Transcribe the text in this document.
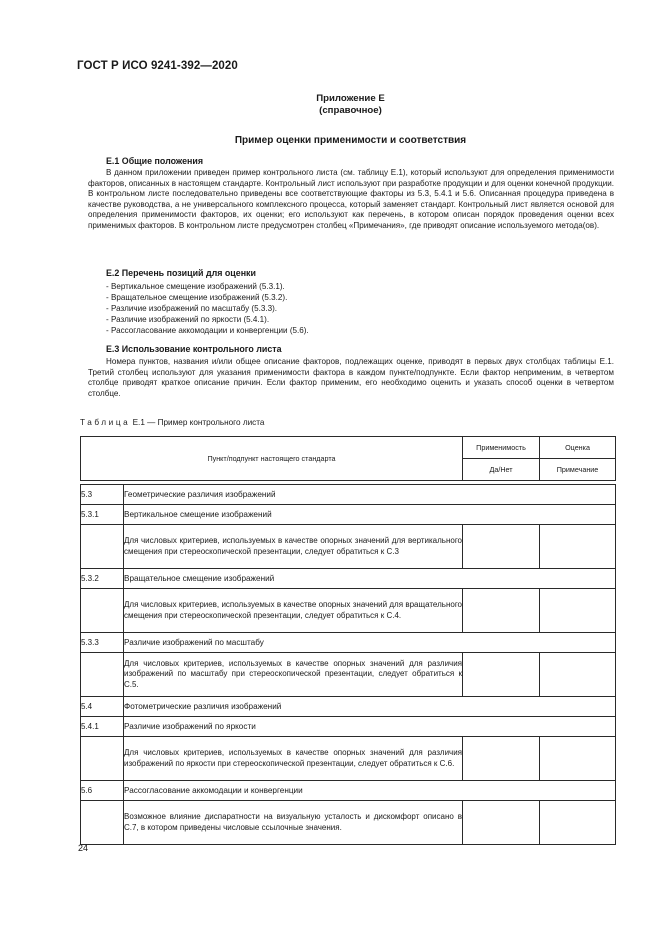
ГОСТ Р ИСО 9241-392—2020
Приложение Е
(справочное)
Пример оценки применимости и соответствия
Е.1 Общие положения
В данном приложении приведен пример контрольного листа (см. таблицу Е.1), который используют для определения применимости факторов, описанных в настоящем стандарте. Контрольный лист используют при разработке продукции и для оценки конечной продукции. В контрольном листе последовательно приведены все соответствующие факторы из 5.3, 5.4.1 и 5.6. Описанная процедура приведена в качестве руководства, а не универсального комплексного процесса, который заменяет стандарт. Контрольный лист является основой для определения применимости факторов, их оценки; его используют как перечень, в котором описан порядок проведения оценки всех применимых факторов. В контрольном листе предусмотрен столбец «Примечания», где приводят описание используемого метода(ов).
Е.2 Перечень позиций для оценки
- Вертикальное смещение изображений (5.3.1).
- Вращательное смещение изображений (5.3.2).
- Различие изображений по масштабу (5.3.3).
- Различие изображений по яркости (5.4.1).
- Рассогласование аккомодации и конвергенции (5.6).
Е.3 Использование контрольного листа
Номера пунктов, названия и/или общее описание факторов, подлежащих оценке, приводят в первых двух столбцах таблицы Е.1. Третий столбец используют для указания применимости фактора в каждом пункте/подпункте. Если фактор неприменим, в четвертом столбце приводят краткое описание причин. Если фактор применим, его необходимо оценить и указать способ оценки в четвертом столбце.
Таблица Е.1 — Пример контрольного листа
Пункт/подпункт настоящего стандарта		Применимость	Оценка
		Да/Нет	Примечание

5.3	Геометрические различия изображений		
5.3.1	Вертикальное смещение изображений		
	Для числовых критериев, используемых в качестве опорных значений для вертикального смещения при стереоскопической презентации, следует обратиться к С.3		
5.3.2	Вращательное смещение изображений		
	Для числовых критериев, используемых в качестве опорных значений для вращательного смещения при стереоскопической презентации, следует обратиться к С.4.		
5.3.3	Различие изображений по масштабу		
	Для числовых критериев, используемых в качестве опорных значений для различия изображений по масштабу при стереоскопической презентации, следует обратиться к С.5.		
5.4	Фотометрические различия изображений		
5.4.1	Различие изображений по яркости		
	Для числовых критериев, используемых в качестве опорных значений для различия изображений по яркости при стереоскопической презентации, следует обратиться к С.6.		
5.6	Рассогласование аккомодации и конвергенции		
	Возможное влияние диспаратности на визуальную усталость и дискомфорт описано в С.7, в котором приведены числовые ссылочные значения.		
24
